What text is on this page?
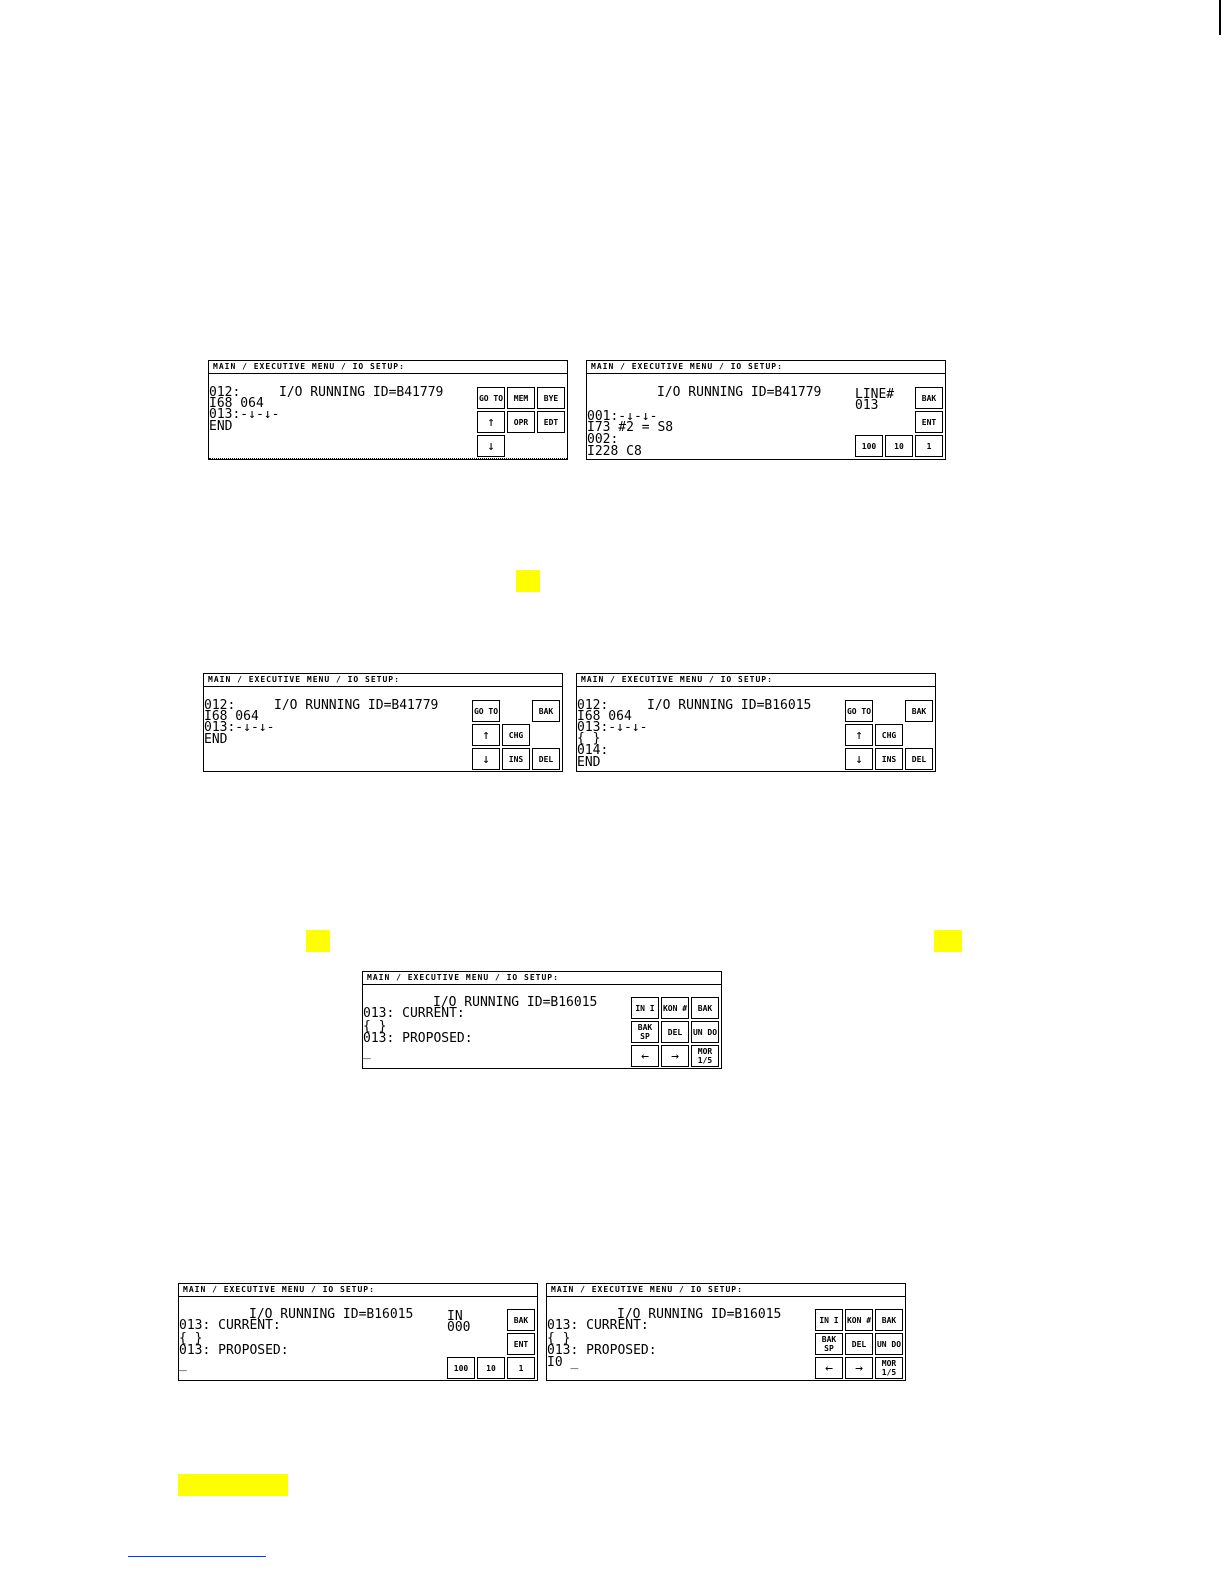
MAIN / EXECUTIVE MENU / IO SETUP:
I/O RUNNING ID=B41779
012:
I68 064
013:-↓-↓-
END
GO TO	MEM	BYE
↑	OPR	EDT
↓
MAIN / EXECUTIVE MENU / IO SETUP:
I/O RUNNING ID=B41779	LINE#
013
001:-↓-↓-
I73 #2 = S8
002:
I228 C8
BAK
ENT
100	10	1
MAIN / EXECUTIVE MENU / IO SETUP:
I/O RUNNING ID=B41779
012:
I68 064
013:-↓-↓-
END
GO TO	BAK
↑	CHG
↓	INS	DEL
MAIN / EXECUTIVE MENU / IO SETUP:
I/O RUNNING ID=B16015
012:
I68 064
013:-↓-↓-
{ }
014:
END
GO TO	BAK
↑	CHG
↓	INS	DEL
MAIN / EXECUTIVE MENU / IO SETUP:
I/O RUNNING ID=B16015
013: CURRENT:
{ }
013: PROPOSED:
_
IN I	KON #	BAK
BAK SP	DEL	UN DO
←	→	MOR 1/5
MAIN / EXECUTIVE MENU / IO SETUP:
I/O RUNNING ID=B16015	IN
000
013: CURRENT:
{ }
013: PROPOSED:
_
BAK
ENT
100	10	1
MAIN / EXECUTIVE MENU / IO SETUP:
I/O RUNNING ID=B16015
013: CURRENT:
{ }
013: PROPOSED:
I0 _
IN I	KON #	BAK
BAK SP	DEL	UN DO
←	→	MOR 1/5
